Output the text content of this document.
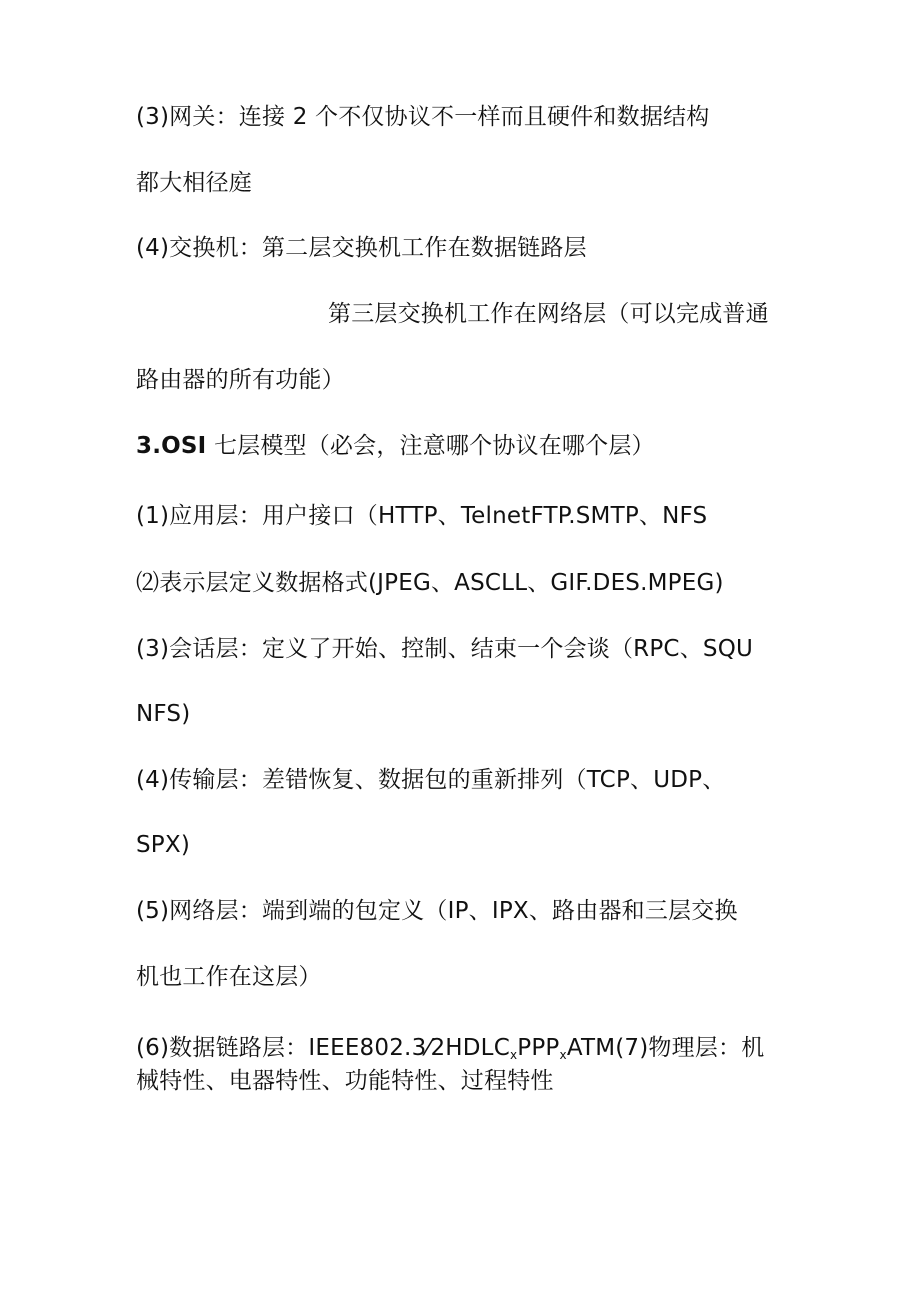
(3)网关：连接 2 个不仅协议不一样而且硬件和数据结构
都大相径庭
(4)交换机：第二层交换机工作在数据链路层
第三层交换机工作在网络层（可以完成普通
路由器的所有功能）
3.OSI 七层模型（必会，注意哪个协议在哪个层）
(1)应用层：用户接口（HTTP、TelnetFTP.SMTP、NFS
⑵表示层定义数据格式(JPEG、ASCLL、GIF.DES.MPEG)
(3)会话层：定义了开始、控制、结束一个会谈（RPC、SQU
NFS)
(4)传输层：差错恢复、数据包的重新排列（TCP、UDP、
SPX)
(5)网络层：端到端的包定义（IP、IPX、路由器和三层交换
机也工作在这层）
(6)数据链路层：$IEEE802.3⁄2HDLC_xPPP_xATM(7)$物理层：机
械特性、电器特性、功能特性、过程特性
